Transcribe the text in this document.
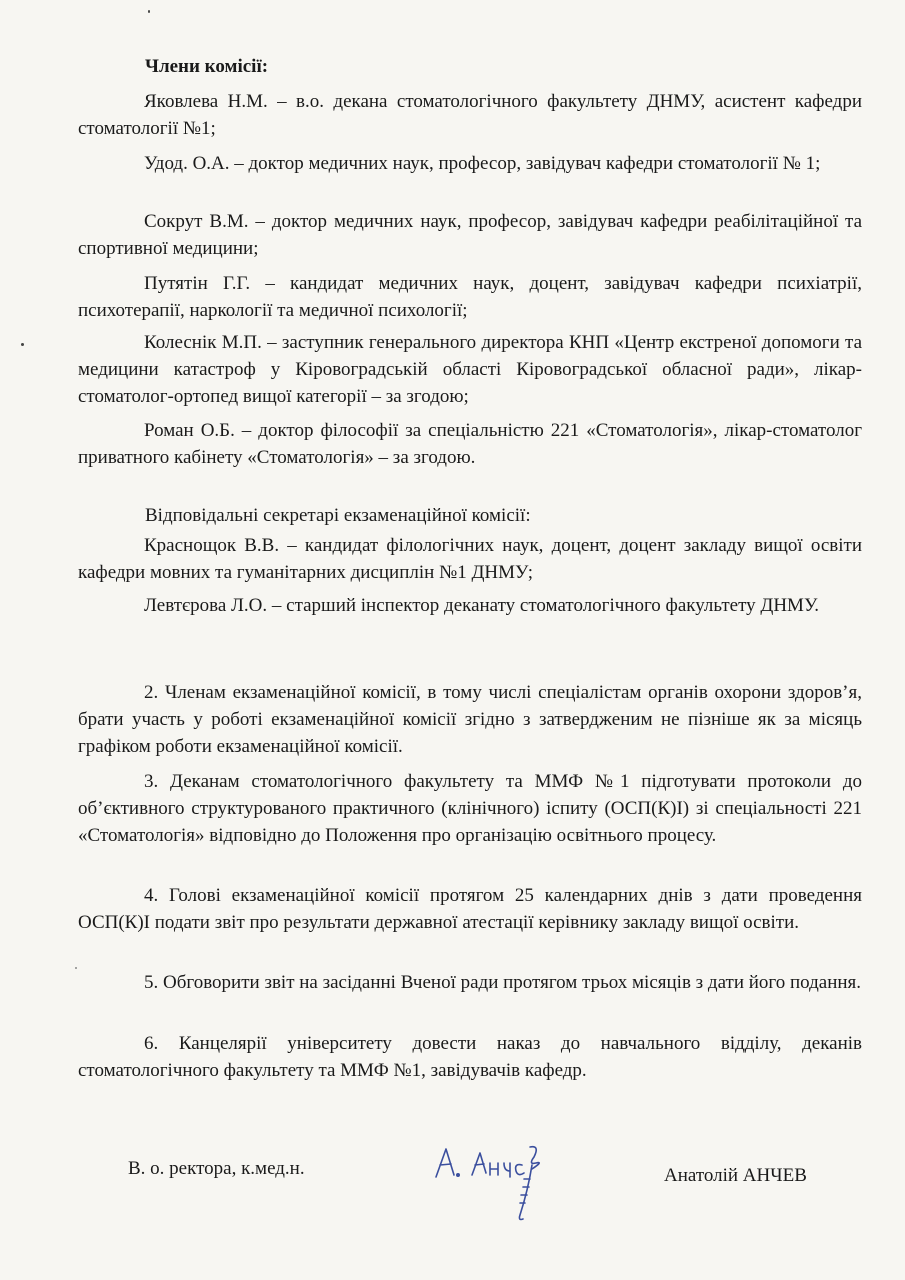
Члени комісії:

Яковлева Н.М. – в.о. декана стоматологічного факультету ДНМУ, асистент кафедри стоматології №1;

Удод. О.А. – доктор медичних наук, професор, завідувач кафедри стоматології № 1;

Сокрут В.М. – доктор медичних наук, професор, завідувач кафедри реабілітаційної та спортивної медицини;

Путятін Г.Г. – кандидат медичних наук, доцент, завідувач кафедри психіатрії, психотерапії, наркології та медичної психології;

Колеснік М.П. – заступник генерального директора КНП «Центр екстреної допомоги та медицини катастроф у Кіровоградській області Кіровоградської обласної ради», лікар-стоматолог-ортопед вищої категорії – за згодою;

Роман О.Б. – доктор філософії за спеціальністю 221 «Стоматологія», лікар-стоматолог приватного кабінету «Стоматологія» – за згодою.

Відповідальні секретарі екзаменаційної комісії:

Краснощок В.В. – кандидат філологічних наук, доцент, доцент закладу вищої освіти кафедри мовних та гуманітарних дисциплін №1 ДНМУ;

Левтєрова Л.О. – старший інспектор деканату стоматологічного факультету ДНМУ.

2. Членам екзаменаційної комісії, в тому числі спеціалістам органів охорони здоров’я, брати участь у роботі екзаменаційної комісії згідно з затвердженим не пізніше як за місяць графіком роботи екзаменаційної комісії.

3. Деканам стоматологічного факультету та ММФ №1 підготувати протоколи до об’єктивного структурованого практичного (клінічного) іспиту (ОСП(К)І) зі спеціальності 221 «Стоматологія» відповідно до Положення про організацію освітнього процесу.

4. Голові екзаменаційної комісії протягом 25 календарних днів з дати проведення ОСП(К)І подати звіт про результати державної атестації керівнику закладу вищої освіти.

5. Обговорити звіт на засіданні Вченої ради протягом трьох місяців з дати його подання.

6. Канцелярії університету довести наказ до навчального відділу, деканів стоматологічного факультету та ММФ №1, завідувачів кафедр.

В. о. ректора, к.мед.н.	Анатолій АНЧЕВ
